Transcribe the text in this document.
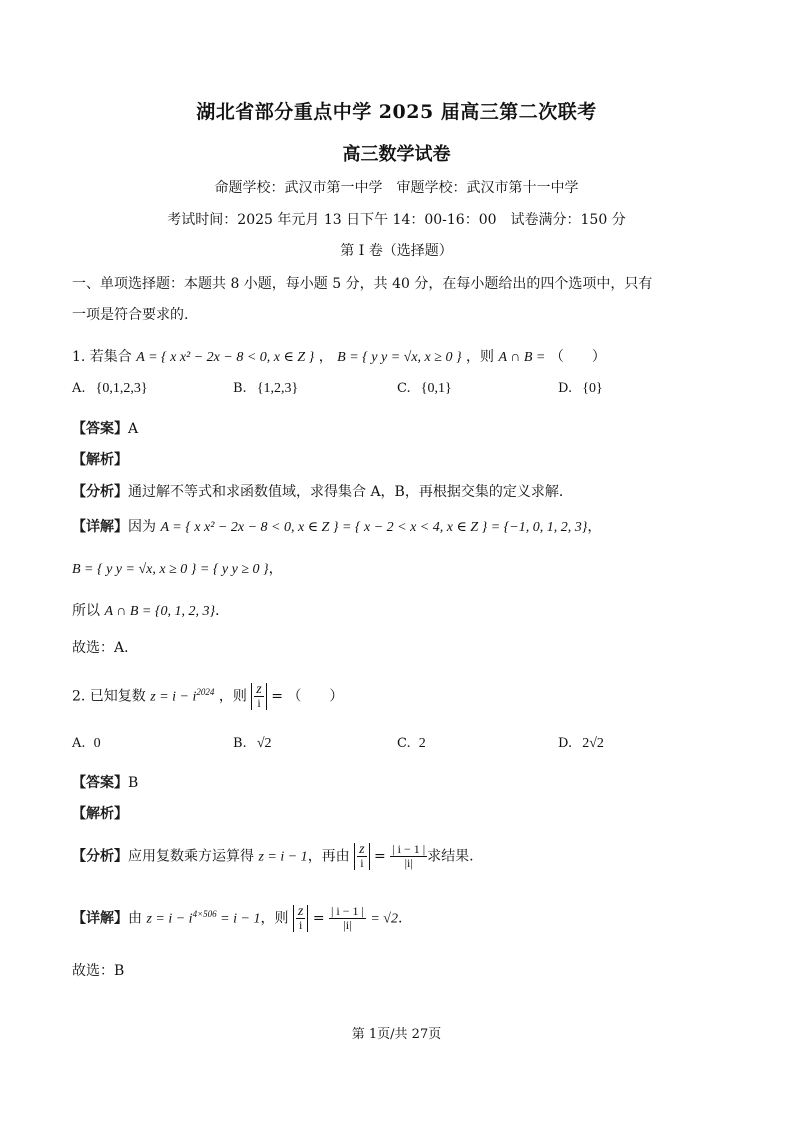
湖北省部分重点中学 2025 届高三第二次联考
高三数学试卷
命题学校：武汉市第一中学　审题学校：武汉市第十一中学
考试时间：2025 年元月 13 日下午 14：00-16：00　试卷满分：150 分
第 I 卷（选择题）
一、单项选择题：本题共 8 小题，每小题 5 分，共 40 分，在每小题给出的四个选项中，只有
一项是符合要求的.
1. 若集合 A = { x x² − 2x − 8 < 0, x ∈ Z } ， B = { y y = √x, x ≥ 0 } ，则 A ∩ B = （　　）
A. {0,1,2,3}	B. {1,2,3}	C. {0,1}	D. {0}
【答案】A
【解析】
【分析】通过解不等式和求函数值域，求得集合 A，B，再根据交集的定义求解．
【详解】因为 A = { x x² − 2x − 8 < 0, x ∈ Z } = { x − 2 < x < 4, x ∈ Z } = {−1, 0, 1, 2, 3}，
B = { y y = √x, x ≥ 0 } = { y y ≥ 0 }，
所以 A ∩ B = {0, 1, 2, 3}．
故选：A．
2. 已知复数 $z = i - i^{2024}$ ，则 $\frac{z}{i}$ = （　　）
A. 0	B. √2	C. 2	D. 2√2
【答案】B
【解析】
【分析】应用复数乘方运算得 z = i − 1，再由 $\frac{z}{i} = \frac{| i - 1 |}{|i|}$ 求结果.
【详解】由 $z = i - i^{4\times 506} = i - 1$，则 $\frac{z}{i} = \frac{| i - 1 |}{|i|} = √2$.
故选：B
第 1页/共 27页
